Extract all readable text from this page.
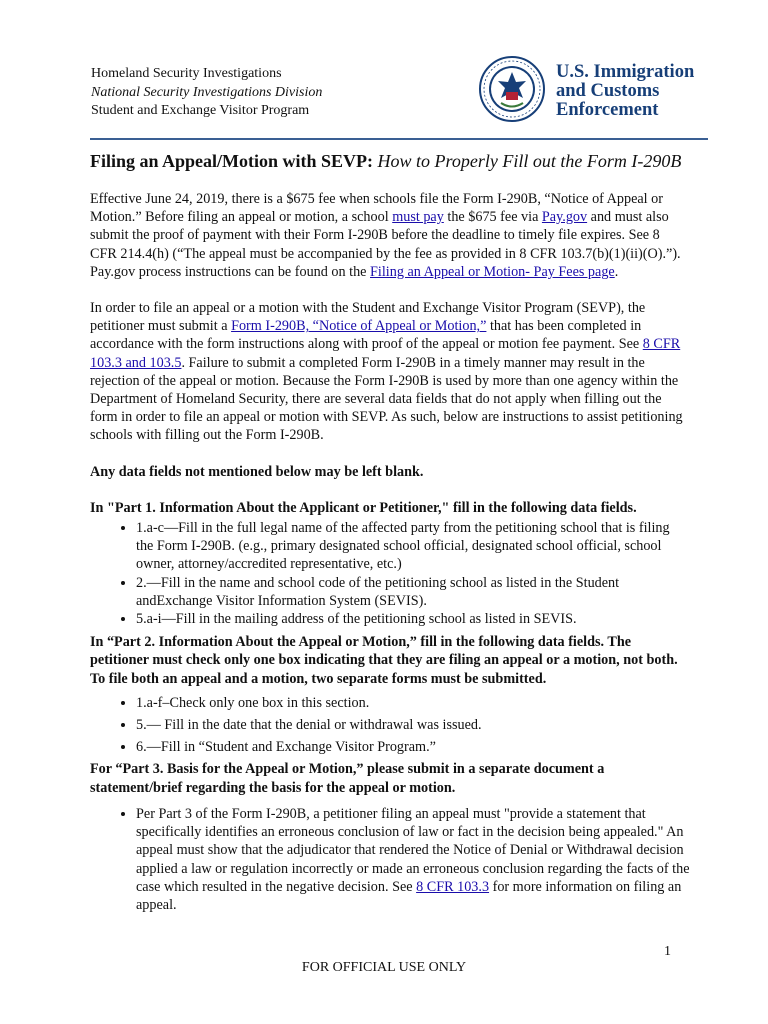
Homeland Security Investigations
National Security Investigations Division
Student and Exchange Visitor Program
U.S. Immigration
and Customs
Enforcement
Filing an Appeal/Motion with SEVP: How to Properly Fill out the Form I-290B

Effective June 24, 2019, there is a $675 fee when schools file the Form I-290B, “Notice of Appeal or Motion.” Before filing an appeal or motion, a school must pay the $675 fee via Pay.gov and must also submit the proof of payment with their Form I-290B before the deadline to timely file expires. See 8 CFR 214.4(h) (“The appeal must be accompanied by the fee as provided in 8 CFR 103.7(b)(1)(ii)(O).”). Pay.gov process instructions can be found on the Filing an Appeal or Motion- Pay Fees page.

In order to file an appeal or a motion with the Student and Exchange Visitor Program (SEVP), the petitioner must submit a Form I-290B, “Notice of Appeal or Motion,” that has been completed in accordance with the form instructions along with proof of the appeal or motion fee payment. See 8 CFR 103.3 and 103.5. Failure to submit a completed Form I-290B in a timely manner may result in the rejection of the appeal or motion. Because the Form I-290B is used by more than one agency within the Department of Homeland Security, there are several data fields that do not apply when filling out the form in order to file an appeal or motion with SEVP. As such, below are instructions to assist petitioning schools with filling out the Form I-290B.

Any data fields not mentioned below may be left blank.

In "Part 1. Information About the Applicant or Petitioner," fill in the following data fields.

• 1.a-c—Fill in the full legal name of the affected party from the petitioning school that is filing the Form I-290B. (e.g., primary designated school official, designated school official, school owner, attorney/accredited representative, etc.)
• 2.—Fill in the name and school code of the petitioning school as listed in the Student andExchange Visitor Information System (SEVIS).
• 5.a-i—Fill in the mailing address of the petitioning school as listed in SEVIS.

In “Part 2. Information About the Appeal or Motion,” fill in the following data fields. The petitioner must check only one box indicating that they are filing an appeal or a motion, not both. To file both an appeal and a motion, two separate forms must be submitted.

• 1.a-f–Check only one box in this section.
• 5.— Fill in the date that the denial or withdrawal was issued.
• 6.—Fill in “Student and Exchange Visitor Program.”

For “Part 3. Basis for the Appeal or Motion,” please submit in a separate document a statement/brief regarding the basis for the appeal or motion.

• Per Part 3 of the Form I-290B, a petitioner filing an appeal must "provide a statement that specifically identifies an erroneous conclusion of law or fact in the decision being appealed." An appeal must show that the adjudicator that rendered the Notice of Denial or Withdrawal decision applied a law or regulation incorrectly or made an erroneous conclusion regarding the facts of the case which resulted in the negative decision. See 8 CFR 103.3 for more information on filing an appeal.
1
FOR OFFICIAL USE ONLY
